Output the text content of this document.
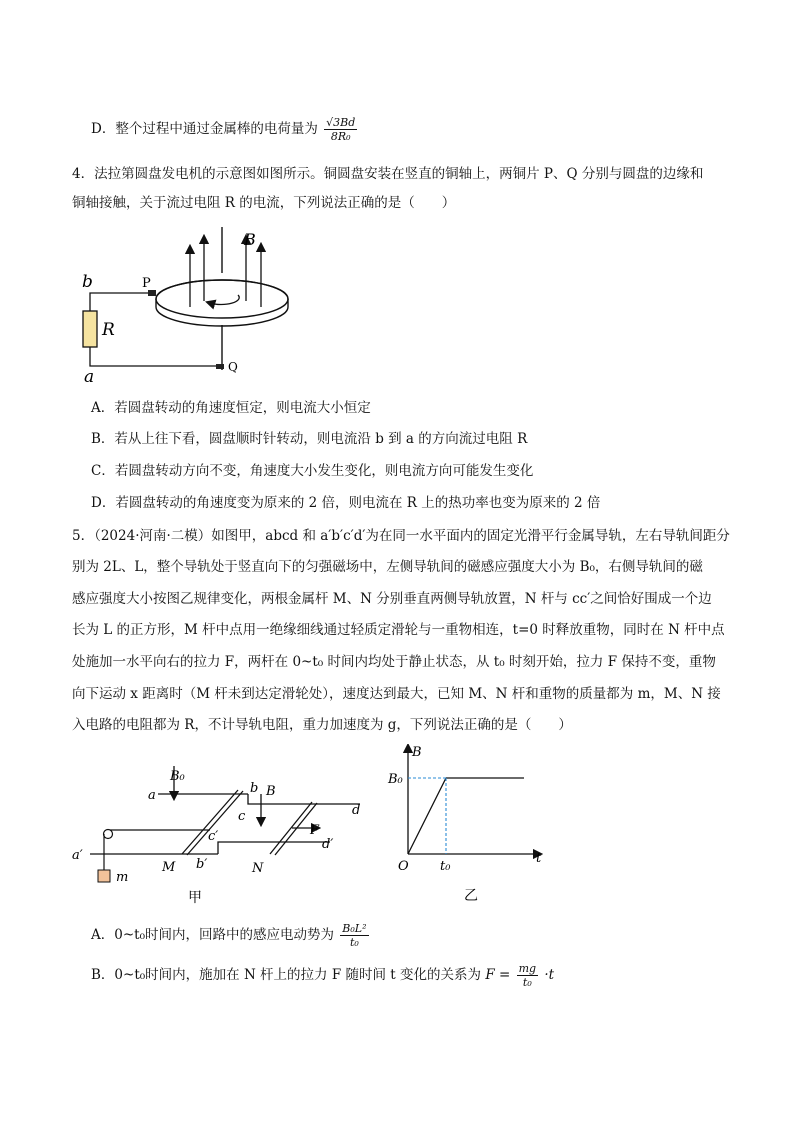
D．整个过程中通过金属棒的电荷量为 $\frac{√3Bd}{\text{8R₀}}$
4．法拉第圆盘发电机的示意图如图所示。铜圆盘安装在竖直的铜轴上，两铜片 P、Q 分别与圆盘的边缘和
铜轴接触，关于流过电阻 R 的电流，下列说法正确的是（　　）
b	P
R
a	Q
B
A．若圆盘转动的角速度恒定，则电流大小恒定
B．若从上往下看，圆盘顺时针转动，则电流沿 b 到 a 的方向流过电阻 R
C．若圆盘转动方向不变，角速度大小发生变化，则电流方向可能发生变化
D．若圆盘转动的角速度变为原来的 2 倍，则电流在 R 上的热功率也变为原来的 2 倍
5．（2024·河南·二模）如图甲，abcd 和 a′b′c′d′为在同一水平面内的固定光滑平行金属导轨，左右导轨间距分
别为 2L、L，整个导轨处于竖直向下的匀强磁场中，左侧导轨间的磁感应强度大小为 B₀，右侧导轨间的磁
感应强度大小按图乙规律变化，两根金属杆 M、N 分别垂直两侧导轨放置，N 杆与 cc′之间恰好围成一个边
长为 L 的正方形，M 杆中点用一绝缘细线通过轻质定滑轮与一重物相连，t=0 时释放重物，同时在 N 杆中点
处施加一水平向右的拉力 F，两杆在 0~t₀ 时间内均处于静止状态，从 t₀ 时刻开始，拉力 F 保持不变，重物
向下运动 x 距离时（M 杆未到达定滑轮处），速度达到最大，已知 M、N 杆和重物的质量都为 m，M、N 接
入电路的电阻都为 R，不计导轨电阻，重力加速度为 g，下列说法正确的是（　　）
B₀
a	b B
c	d
c′	F
d′
a′
b′
M	N
m
甲
B
B₀
O t₀
t
乙
A．0~t₀时间内，回路中的感应电动势为 $\frac{\text{B₀L²}}{\text{t₀}}$
B．0~t₀时间内，施加在 N 杆上的拉力 F 随时间 t 变化的关系为 $F = \frac{mg}{\text{t₀}} \cdot t$
